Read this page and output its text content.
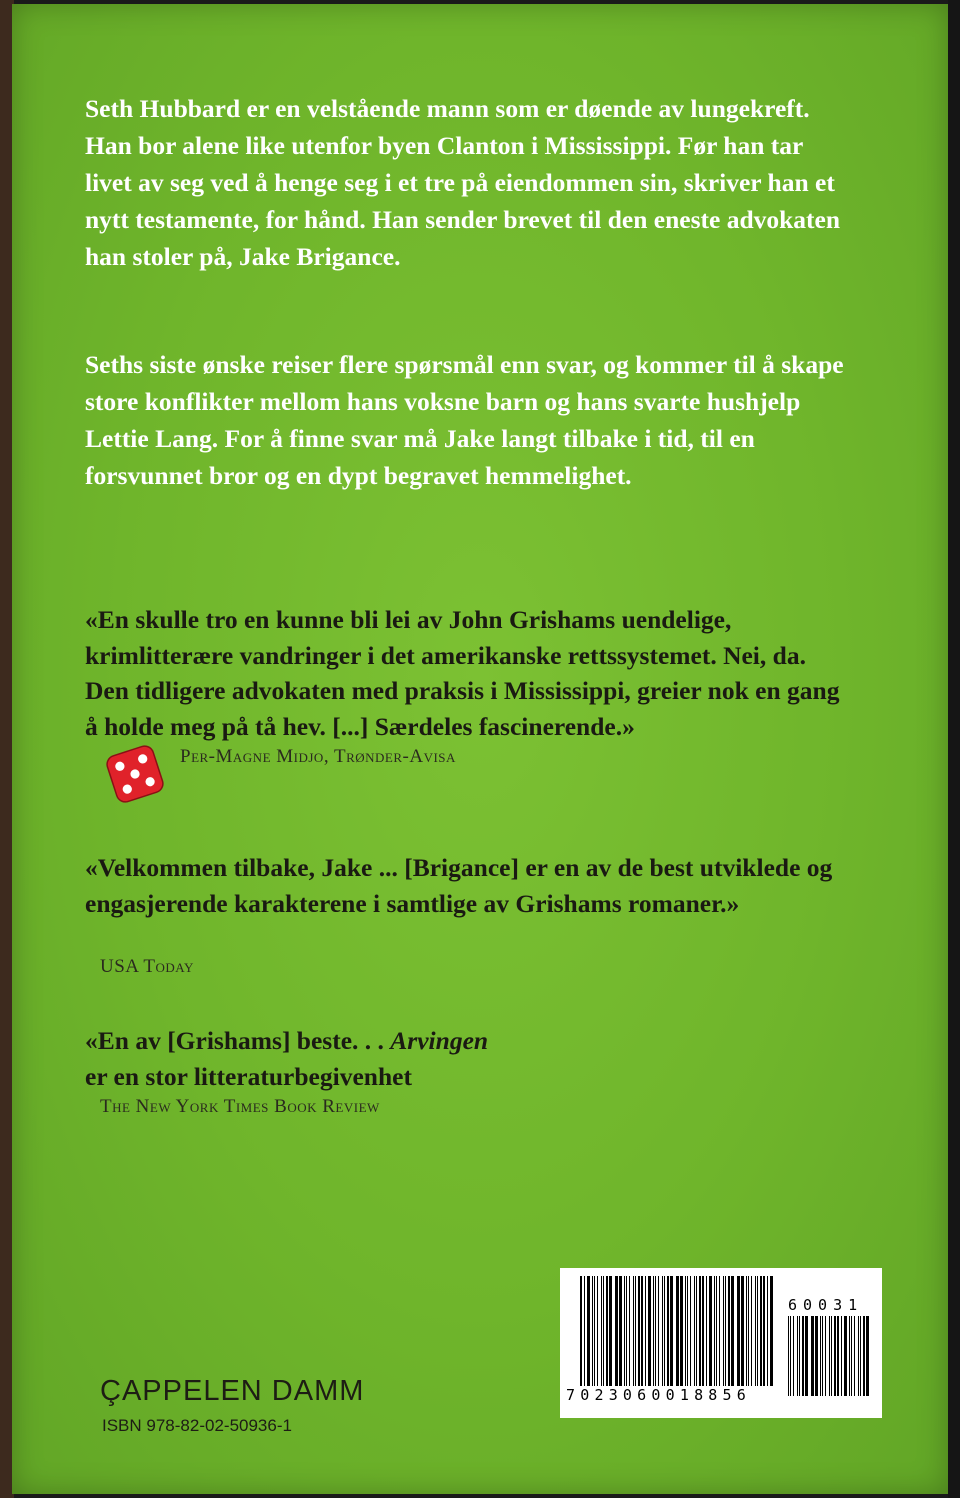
Seth Hubbard er en velstående mann som er døende av lungekreft. Han bor alene like utenfor byen Clanton i Mississippi. Før han tar livet av seg ved å henge seg i et tre på eiendommen sin, skriver han et nytt testamente, for hånd. Han sender brevet til den eneste advokaten han stoler på, Jake Brigance.
Seths siste ønske reiser flere spørsmål enn svar, og kommer til å skape store konflikter mellom hans voksne barn og hans svarte hushjelp Lettie Lang. For å finne svar må Jake langt tilbake i tid, til en forsvunnet bror og en dypt begravet hemmelighet.
«En skulle tro en kunne bli lei av John Grishams uendelige, krimlitterære vandringer i det amerikanske rettssystemet. Nei, da. Den tidligere advokaten med praksis i Mississippi, greier nok en gang å holde meg på tå hev. [...] Særdeles fascinerende.»
Per-Magne Midjo, Trønder-Avisa
«Velkommen tilbake, Jake ... [Brigance] er en av de best utviklede og engasjerende karakterene i samtlige av Grishams romaner.»
USA Today
«En av [Grishams] beste. . . Arvingen
er en stor litteraturbegivenhet
The New York Times Book Review
ÇAPPELEN DAMM
ISBN 978-82-02-50936-1
7023060018856
60031
